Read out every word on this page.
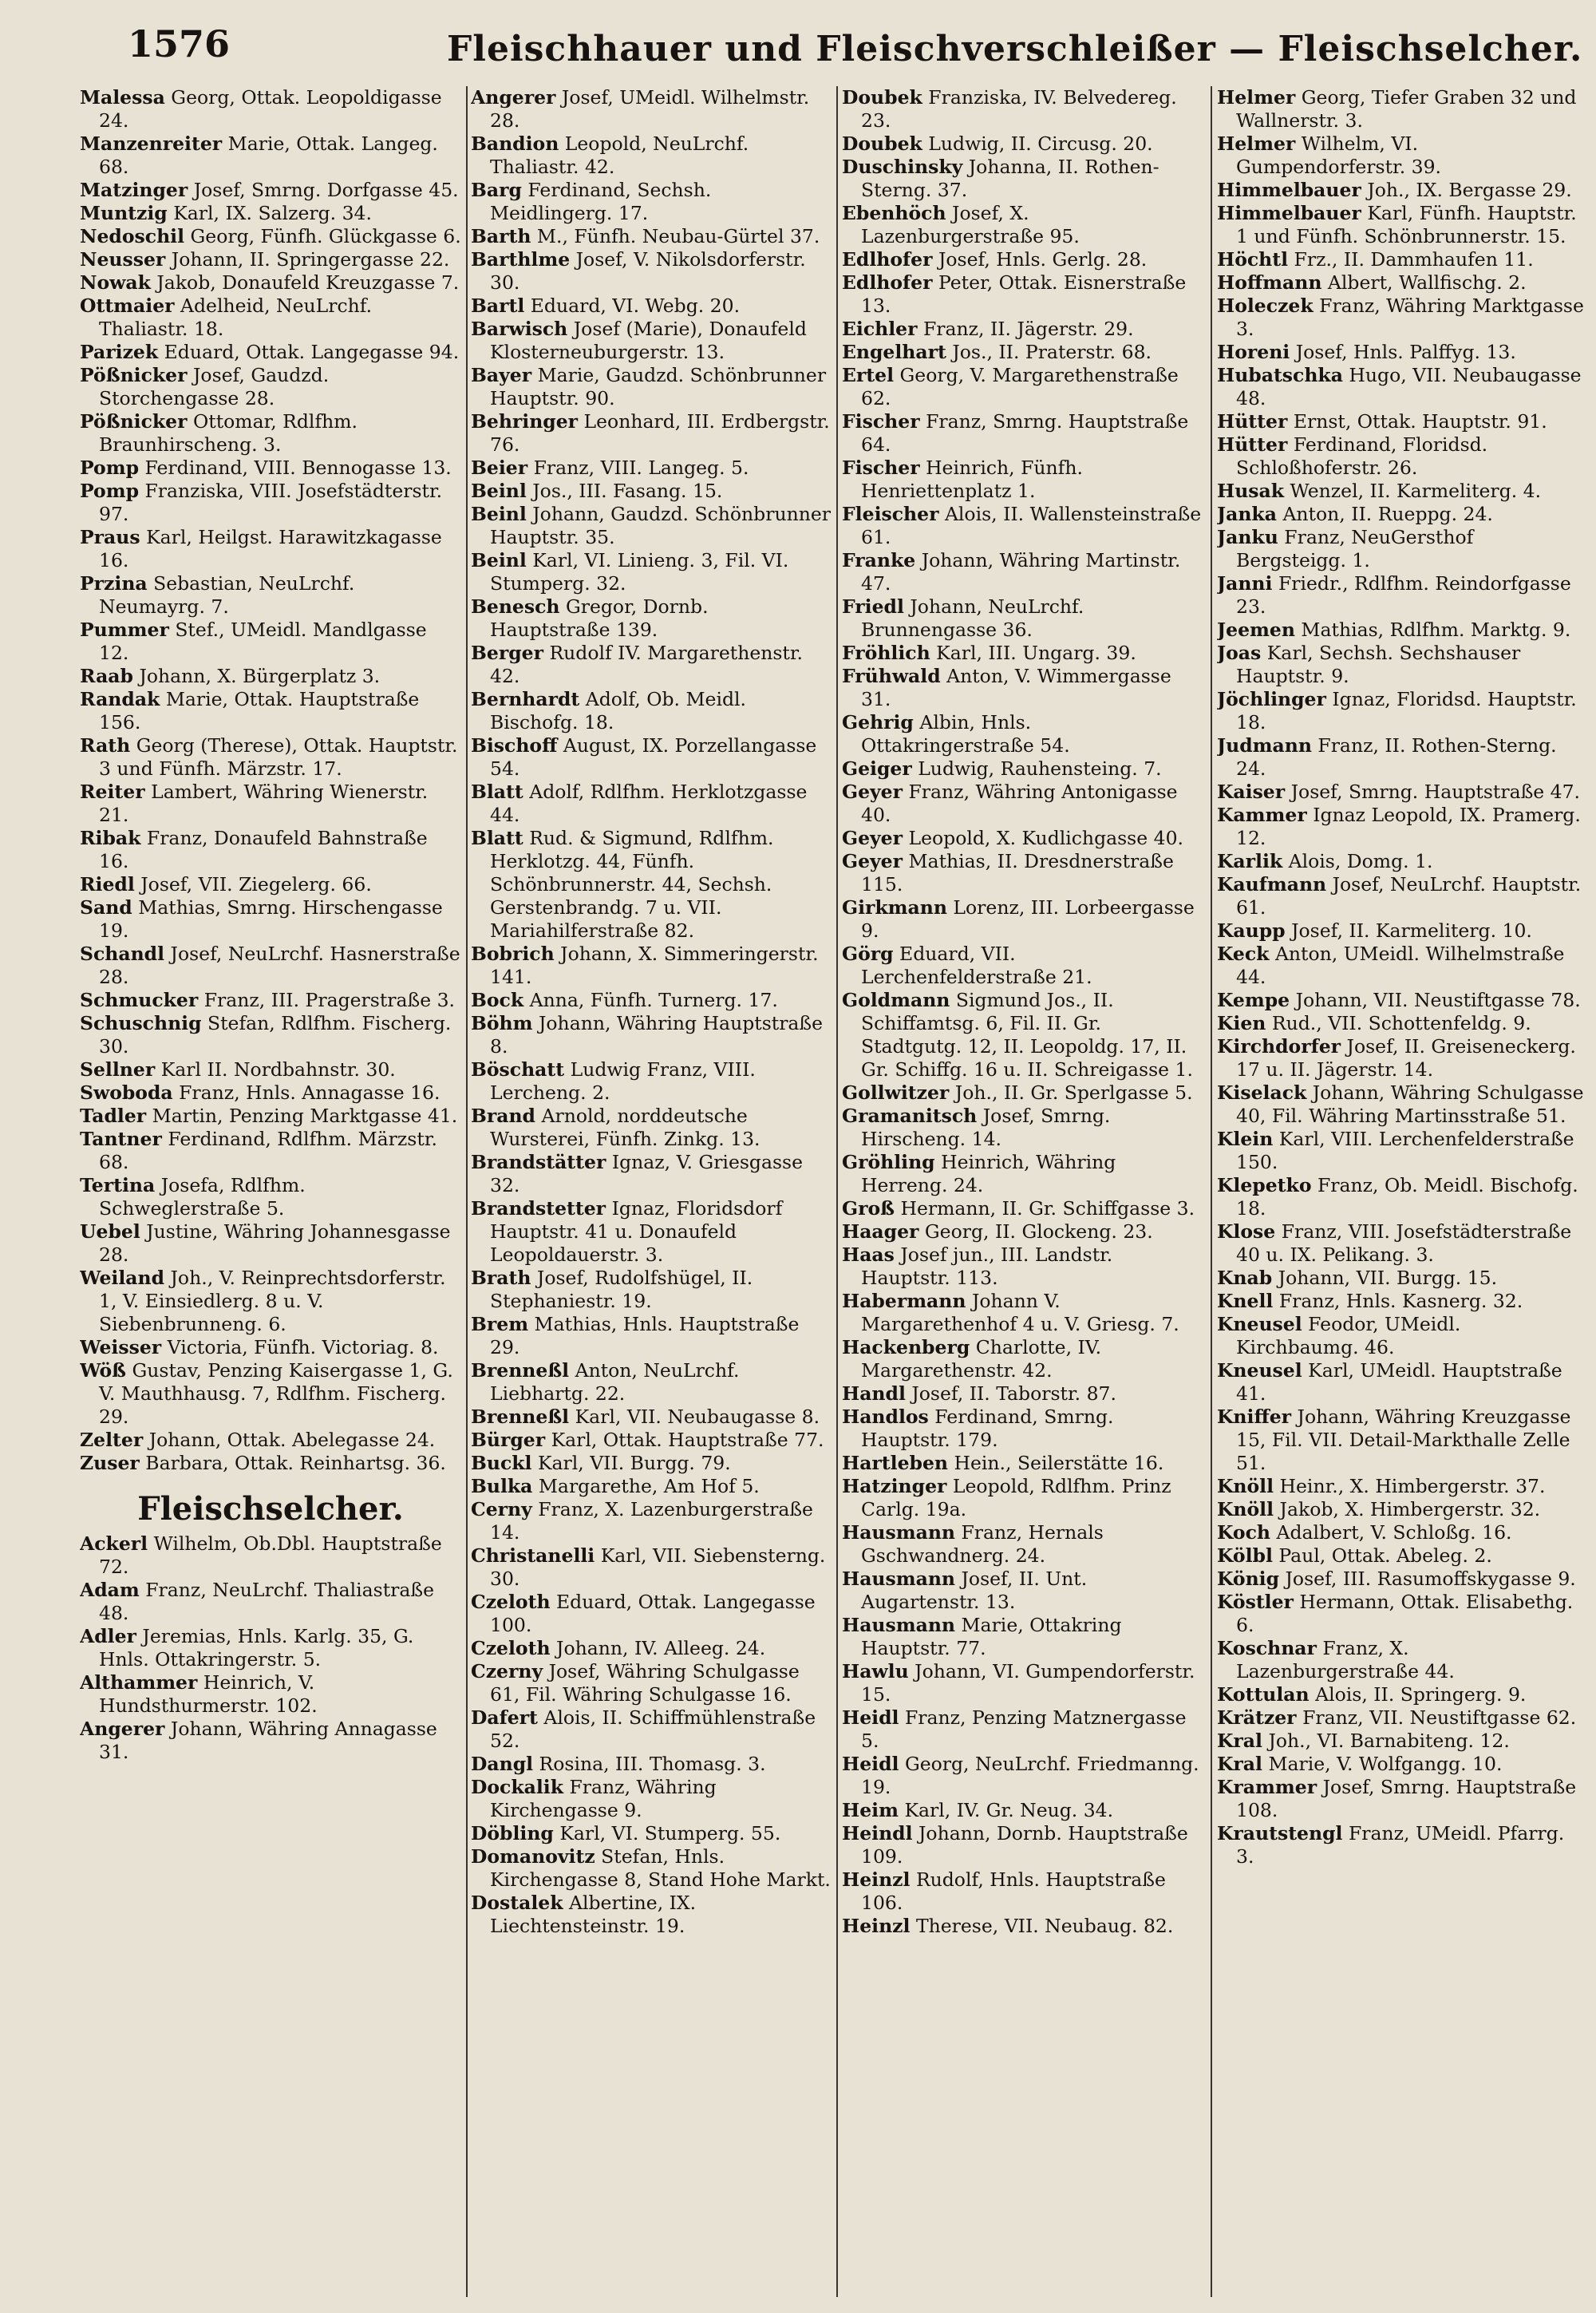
1576	Fleischhauer und Fleischverschleißer — Fleischselcher.
Malessa Georg, Ottak. Leopoldigasse 24.
Manzenreiter Marie, Ottak. Langeg. 68.
Matzinger Josef, Smrng. Dorfgasse 45.
Muntzig Karl, IX. Salzerg. 34.
Nedoschil Georg, Fünfh. Glückgasse 6.
Neusser Johann, II. Springergasse 22.
Nowak Jakob, Donaufeld Kreuzgasse 7.
Ottmaier Adelheid, NeuLrchf. Thaliastr. 18.
Parizek Eduard, Ottak. Langegasse 94.
Pößnicker Josef, Gaudzd. Storchengasse 28.
Pößnicker Ottomar, Rdlfhm. Braunhirscheng. 3.
Pomp Ferdinand, VIII. Bennogasse 13.
Pomp Franziska, VIII. Josefstädterstr. 97.
Praus Karl, Heilgst. Harawitzkagasse 16.
Przina Sebastian, NeuLrchf. Neumayrg. 7.
Pummer Stef., UMeidl. Mandlgasse 12.
Raab Johann, X. Bürgerplatz 3.
Randak Marie, Ottak. Hauptstraße 156.
Rath Georg (Therese), Ottak. Hauptstr. 3 und Fünfh. Märzstr. 17.
Reiter Lambert, Währing Wienerstr. 21.
Ribak Franz, Donaufeld Bahnstraße 16.
Riedl Josef, VII. Ziegelerg. 66.
Sand Mathias, Smrng. Hirschengasse 19.
Schandl Josef, NeuLrchf. Hasnerstraße 28.
Schmucker Franz, III. Pragerstraße 3.
Schuschnig Stefan, Rdlfhm. Fischerg. 30.
Sellner Karl II. Nordbahnstr. 30.
Swoboda Franz, Hnls. Annagasse 16.
Tadler Martin, Penzing Marktgasse 41.
Tantner Ferdinand, Rdlfhm. Märzstr. 68.
Tertina Josefa, Rdlfhm. Schweglerstraße 5.
Uebel Justine, Währing Johannesgasse 28.
Weiland Joh., V. Reinprechtsdorferstr. 1, V. Einsiedlerg. 8 u. V. Siebenbrunneng. 6.
Weisser Victoria, Fünfh. Victoriag. 8.
Wöß Gustav, Penzing Kaisergasse 1, G. V. Mauthhausg. 7, Rdlfhm. Fischerg. 29.
Zelter Johann, Ottak. Abelegasse 24.
Zuser Barbara, Ottak. Reinhartsg. 36.
Fleischselcher.
Ackerl Wilhelm, Ob.Dbl. Hauptstraße 72.
Adam Franz, NeuLrchf. Thaliastraße 48.
Adler Jeremias, Hnls. Karlg. 35, G. Hnls. Ottakringerstr. 5.
Althammer Heinrich, V. Hundsthurmerstr. 102.
Angerer Johann, Währing Annagasse 31.
Angerer Josef, UMeidl. Wilhelmstr. 28.
Bandion Leopold, NeuLrchf. Thaliastr. 42.
Barg Ferdinand, Sechsh. Meidlingerg. 17.
Barth M., Fünfh. Neubau-Gürtel 37.
Barthlme Josef, V. Nikolsdorferstr. 30.
Bartl Eduard, VI. Webg. 20.
Barwisch Josef (Marie), Donaufeld Klosterneuburgerstr. 13.
Bayer Marie, Gaudzd. Schönbrunner Hauptstr. 90.
Behringer Leonhard, III. Erdbergstr. 76.
Beier Franz, VIII. Langeg. 5.
Beinl Jos., III. Fasang. 15.
Beinl Johann, Gaudzd. Schönbrunner Hauptstr. 35.
Beinl Karl, VI. Linieng. 3, Fil. VI. Stumperg. 32.
Benesch Gregor, Dornb. Hauptstraße 139.
Berger Rudolf IV. Margarethenstr. 42.
Bernhardt Adolf, Ob. Meidl. Bischofg. 18.
Bischoff August, IX. Porzellangasse 54.
Blatt Adolf, Rdlfhm. Herklotzgasse 44.
Blatt Rud. & Sigmund, Rdlfhm. Herklotzg. 44, Fünfh. Schönbrunnerstr. 44, Sechsh. Gerstenbrandg. 7 u. VII. Mariahilferstraße 82.
Bobrich Johann, X. Simmeringerstr. 141.
Bock Anna, Fünfh. Turnerg. 17.
Böhm Johann, Währing Hauptstraße 8.
Böschatt Ludwig Franz, VIII. Lercheng. 2.
Brand Arnold, norddeutsche Wursterei, Fünfh. Zinkg. 13.
Brandstätter Ignaz, V. Griesgasse 32.
Brandstetter Ignaz, Floridsdorf Hauptstr. 41 u. Donaufeld Leopoldauerstr. 3.
Brath Josef, Rudolfshügel, II. Stephaniestr. 19.
Brem Mathias, Hnls. Hauptstraße 29.
Brenneßl Anton, NeuLrchf. Liebhartg. 22.
Brenneßl Karl, VII. Neubaugasse 8.
Bürger Karl, Ottak. Hauptstraße 77.
Buckl Karl, VII. Burgg. 79.
Bulka Margarethe, Am Hof 5.
Cerny Franz, X. Lazenburgerstraße 14.
Christanelli Karl, VII. Siebensterng. 30.
Czeloth Eduard, Ottak. Langegasse 100.
Czeloth Johann, IV. Alleeg. 24.
Czerny Josef, Währing Schulgasse 61, Fil. Währing Schulgasse 16.
Dafert Alois, II. Schiffmühlenstraße 52.
Dangl Rosina, III. Thomasg. 3.
Dockalik Franz, Währing Kirchengasse 9.
Döbling Karl, VI. Stumperg. 55.
Domanovitz Stefan, Hnls. Kirchengasse 8, Stand Hohe Markt.
Dostalek Albertine, IX. Liechtensteinstr. 19.
Doubek Franziska, IV. Belvedereg. 23.
Doubek Ludwig, II. Circusg. 20.
Duschinsky Johanna, II. Rothen-Sterng. 37.
Ebenhöch Josef, X. Lazenburgerstraße 95.
Edlhofer Josef, Hnls. Gerlg. 28.
Edlhofer Peter, Ottak. Eisnerstraße 13.
Eichler Franz, II. Jägerstr. 29.
Engelhart Jos., II. Praterstr. 68.
Ertel Georg, V. Margarethenstraße 62.
Fischer Franz, Smrng. Hauptstraße 64.
Fischer Heinrich, Fünfh. Henriettenplatz 1.
Fleischer Alois, II. Wallensteinstraße 61.
Franke Johann, Währing Martinstr. 47.
Friedl Johann, NeuLrchf. Brunnengasse 36.
Fröhlich Karl, III. Ungarg. 39.
Frühwald Anton, V. Wimmergasse 31.
Gehrig Albin, Hnls. Ottakringerstraße 54.
Geiger Ludwig, Rauhensteing. 7.
Geyer Franz, Währing Antonigasse 40.
Geyer Leopold, X. Kudlichgasse 40.
Geyer Mathias, II. Dresdnerstraße 115.
Girkmann Lorenz, III. Lorbeergasse 9.
Görg Eduard, VII. Lerchenfelderstraße 21.
Goldmann Sigmund Jos., II. Schiffamtsg. 6, Fil. II. Gr. Stadtgutg. 12, II. Leopoldg. 17, II. Gr. Schiffg. 16 u. II. Schreigasse 1.
Gollwitzer Joh., II. Gr. Sperlgasse 5.
Gramanitsch Josef, Smrng. Hirscheng. 14.
Gröhling Heinrich, Währing Herreng. 24.
Groß Hermann, II. Gr. Schiffgasse 3.
Haager Georg, II. Glockeng. 23.
Haas Josef jun., III. Landstr. Hauptstr. 113.
Habermann Johann V. Margarethenhof 4 u. V. Griesg. 7.
Hackenberg Charlotte, IV. Margarethenstr. 42.
Handl Josef, II. Taborstr. 87.
Handlos Ferdinand, Smrng. Hauptstr. 179.
Hartleben Hein., Seilerstätte 16.
Hatzinger Leopold, Rdlfhm. Prinz Carlg. 19a.
Hausmann Franz, Hernals Gschwandnerg. 24.
Hausmann Josef, II. Unt. Augartenstr. 13.
Hausmann Marie, Ottakring Hauptstr. 77.
Hawlu Johann, VI. Gumpendorferstr. 15.
Heidl Franz, Penzing Matznergasse 5.
Heidl Georg, NeuLrchf. Friedmanng. 19.
Heim Karl, IV. Gr. Neug. 34.
Heindl Johann, Dornb. Hauptstraße 109.
Heinzl Rudolf, Hnls. Hauptstraße 106.
Heinzl Therese, VII. Neubaug. 82.
Helmer Georg, Tiefer Graben 32 und Wallnerstr. 3.
Helmer Wilhelm, VI. Gumpendorferstr. 39.
Himmelbauer Joh., IX. Bergasse 29.
Himmelbauer Karl, Fünfh. Hauptstr. 1 und Fünfh. Schönbrunnerstr. 15.
Höchtl Frz., II. Dammhaufen 11.
Hoffmann Albert, Wallfischg. 2.
Holeczek Franz, Währing Marktgasse 3.
Horeni Josef, Hnls. Palffyg. 13.
Hubatschka Hugo, VII. Neubaugasse 48.
Hütter Ernst, Ottak. Hauptstr. 91.
Hütter Ferdinand, Floridsd. Schloßhoferstr. 26.
Husak Wenzel, II. Karmeliterg. 4.
Janka Anton, II. Rueppg. 24.
Janku Franz, NeuGersthof Bergsteigg. 1.
Janni Friedr., Rdlfhm. Reindorfgasse 23.
Jeemen Mathias, Rdlfhm. Marktg. 9.
Joas Karl, Sechsh. Sechshauser Hauptstr. 9.
Jöchlinger Ignaz, Floridsd. Hauptstr. 18.
Judmann Franz, II. Rothen-Sterng. 24.
Kaiser Josef, Smrng. Hauptstraße 47.
Kammer Ignaz Leopold, IX. Pramerg. 12.
Karlik Alois, Domg. 1.
Kaufmann Josef, NeuLrchf. Hauptstr. 61.
Kaupp Josef, II. Karmeliterg. 10.
Keck Anton, UMeidl. Wilhelmstraße 44.
Kempe Johann, VII. Neustiftgasse 78.
Kien Rud., VII. Schottenfeldg. 9.
Kirchdorfer Josef, II. Greiseneckerg. 17 u. II. Jägerstr. 14.
Kiselack Johann, Währing Schulgasse 40, Fil. Währing Martinsstraße 51.
Klein Karl, VIII. Lerchenfelderstraße 150.
Klepetko Franz, Ob. Meidl. Bischofg. 18.
Klose Franz, VIII. Josefstädterstraße 40 u. IX. Pelikang. 3.
Knab Johann, VII. Burgg. 15.
Knell Franz, Hnls. Kasnerg. 32.
Kneusel Feodor, UMeidl. Kirchbaumg. 46.
Kneusel Karl, UMeidl. Hauptstraße 41.
Kniffer Johann, Währing Kreuzgasse 15, Fil. VII. Detail-Markthalle Zelle 51.
Knöll Heinr., X. Himbergerstr. 37.
Knöll Jakob, X. Himbergerstr. 32.
Koch Adalbert, V. Schloßg. 16.
Kölbl Paul, Ottak. Abeleg. 2.
König Josef, III. Rasumoffskygasse 9.
Köstler Hermann, Ottak. Elisabethg. 6.
Koschnar Franz, X. Lazenburgerstraße 44.
Kottulan Alois, II. Springerg. 9.
Krätzer Franz, VII. Neustiftgasse 62.
Kral Joh., VI. Barnabiteng. 12.
Kral Marie, V. Wolfgangg. 10.
Krammer Josef, Smrng. Hauptstraße 108.
Krautstengl Franz, UMeidl. Pfarrg. 3.
